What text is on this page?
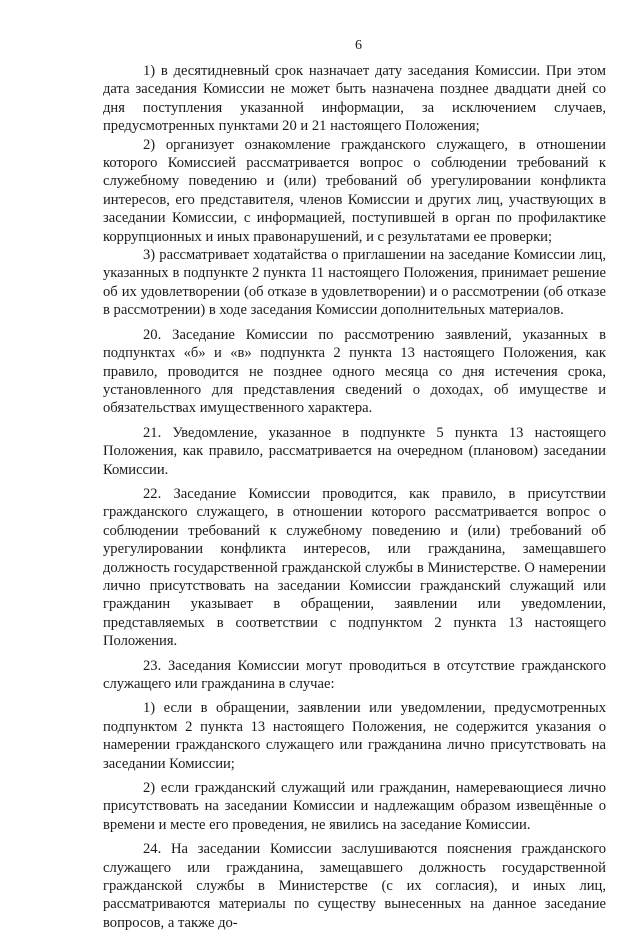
6

1) в десятидневный срок назначает дату заседания Комиссии. При этом дата заседания Комиссии не может быть назначена позднее двадцати дней со дня поступления указанной информации, за исключением случаев, предусмотренных пунктами 20 и 21 настоящего Положения;

2) организует ознакомление гражданского служащего, в отношении которого Комиссией рассматривается вопрос о соблюдении требований к служебному поведению и (или) требований об урегулировании конфликта интересов, его представителя, членов Комиссии и других лиц, участвующих в заседании Комиссии, с информацией, поступившей в орган по профилактике коррупционных и иных правонарушений, и с результатами ее проверки;

3) рассматривает ходатайства о приглашении на заседание Комиссии лиц, указанных в подпункте 2 пункта 11 настоящего Положения, принимает решение об их удовлетворении (об отказе в удовлетворении) и о рассмотрении (об отказе в рассмотрении) в ходе заседания Комиссии дополнительных материалов.

20. Заседание Комиссии по рассмотрению заявлений, указанных в подпунктах «б» и «в» подпункта 2 пункта 13 настоящего Положения, как правило, проводится не позднее одного месяца со дня истечения срока, установленного для представления сведений о доходах, об имуществе и обязательствах имущественного характера.

21. Уведомление, указанное в подпункте 5 пункта 13 настоящего Положения, как правило, рассматривается на очередном (плановом) заседании Комиссии.

22. Заседание Комиссии проводится, как правило, в присутствии гражданского служащего, в отношении которого рассматривается вопрос о соблюдении требований к служебному поведению и (или) требований об урегулировании конфликта интересов, или гражданина, замещавшего должность государственной гражданской службы в Министерстве. О намерении лично присутствовать на заседании Комиссии гражданский служащий или гражданин указывает в обращении, заявлении или уведомлении, представляемых в соответствии с подпунктом 2 пункта 13 настоящего Положения.

23. Заседания Комиссии могут проводиться в отсутствие гражданского служащего или гражданина в случае:

1) если в обращении, заявлении или уведомлении, предусмотренных подпунктом 2 пункта 13 настоящего Положения, не содержится указания о намерении гражданского служащего или гражданина лично присутствовать на заседании Комиссии;

2) если гражданский служащий или гражданин, намеревающиеся лично присутствовать на заседании Комиссии и надлежащим образом извещённые о времени и месте его проведения, не явились на заседание Комиссии.

24. На заседании Комиссии заслушиваются пояснения гражданского служащего или гражданина, замещавшего должность государственной гражданской службы в Министерстве (с их согласия), и иных лиц, рассматриваются материалы по существу вынесенных на данное заседание вопросов, а также до-
